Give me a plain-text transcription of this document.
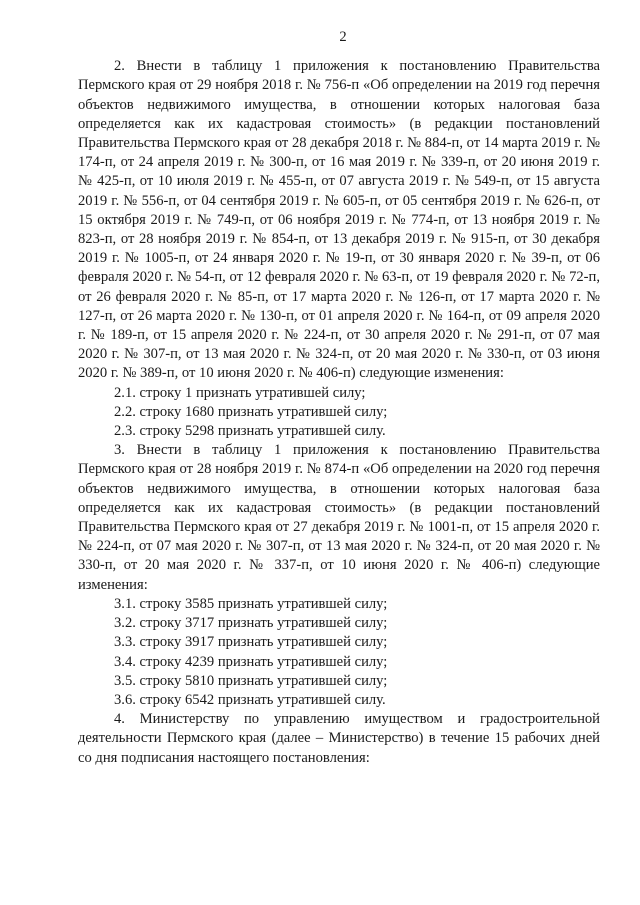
2

2. Внести в таблицу 1 приложения к постановлению Правительства Пермского края от 29 ноября 2018 г. № 756-п «Об определении на 2019 год перечня объектов недвижимого имущества, в отношении которых налоговая база определяется как их кадастровая стоимость» (в редакции постановлений Правительства Пермского края от 28 декабря 2018 г. № 884-п, от 14 марта 2019 г. № 174-п, от 24 апреля 2019 г. № 300-п, от 16 мая 2019 г. № 339-п, от 20 июня 2019 г. № 425-п, от 10 июля 2019 г. № 455-п, от 07 августа 2019 г. № 549-п, от 15 августа 2019 г. № 556-п, от 04 сентября 2019 г. № 605-п, от 05 сентября 2019 г. № 626-п, от 15 октября 2019 г. № 749-п, от 06 ноября 2019 г. № 774-п, от 13 ноября 2019 г. № 823-п, от 28 ноября 2019 г. № 854-п, от 13 декабря 2019 г. № 915-п, от 30 декабря 2019 г. № 1005-п, от 24 января 2020 г. № 19-п, от 30 января 2020 г. № 39-п, от 06 февраля 2020 г. № 54-п, от 12 февраля 2020 г. № 63-п, от 19 февраля 2020 г. № 72-п, от 26 февраля 2020 г. № 85-п, от 17 марта 2020 г. № 126-п, от 17 марта 2020 г. № 127-п, от 26 марта 2020 г. № 130-п, от 01 апреля 2020 г. № 164-п, от 09 апреля 2020 г. № 189-п, от 15 апреля 2020 г. № 224-п, от 30 апреля 2020 г. № 291-п, от 07 мая 2020 г. № 307-п, от 13 мая 2020 г. № 324-п, от 20 мая 2020 г. № 330-п, от 03 июня 2020 г. № 389-п, от 10 июня 2020 г. № 406-п) следующие изменения:

2.1. строку 1 признать утратившей силу;

2.2. строку 1680 признать утратившей силу;

2.3. строку 5298 признать утратившей силу.

3. Внести в таблицу 1 приложения к постановлению Правительства Пермского края от 28 ноября 2019 г. № 874-п «Об определении на 2020 год перечня объектов недвижимого имущества, в отношении которых налоговая база определяется как их кадастровая стоимость» (в редакции постановлений Правительства Пермского края от 27 декабря 2019 г. № 1001-п, от 15 апреля 2020 г. № 224-п, от 07 мая 2020 г. № 307-п, от 13 мая 2020 г. № 324-п, от 20 мая 2020 г. № 330-п, от 20 мая 2020 г. № 337-п, от 10 июня 2020 г. № 406-п) следующие изменения:

3.1. строку 3585 признать утратившей силу;

3.2. строку 3717 признать утратившей силу;

3.3. строку 3917 признать утратившей силу;

3.4. строку 4239 признать утратившей силу;

3.5. строку 5810 признать утратившей силу;

3.6. строку 6542 признать утратившей силу.

4. Министерству по управлению имуществом и градостроительной деятельности Пермского края (далее – Министерство) в течение 15 рабочих дней со дня подписания настоящего постановления:
